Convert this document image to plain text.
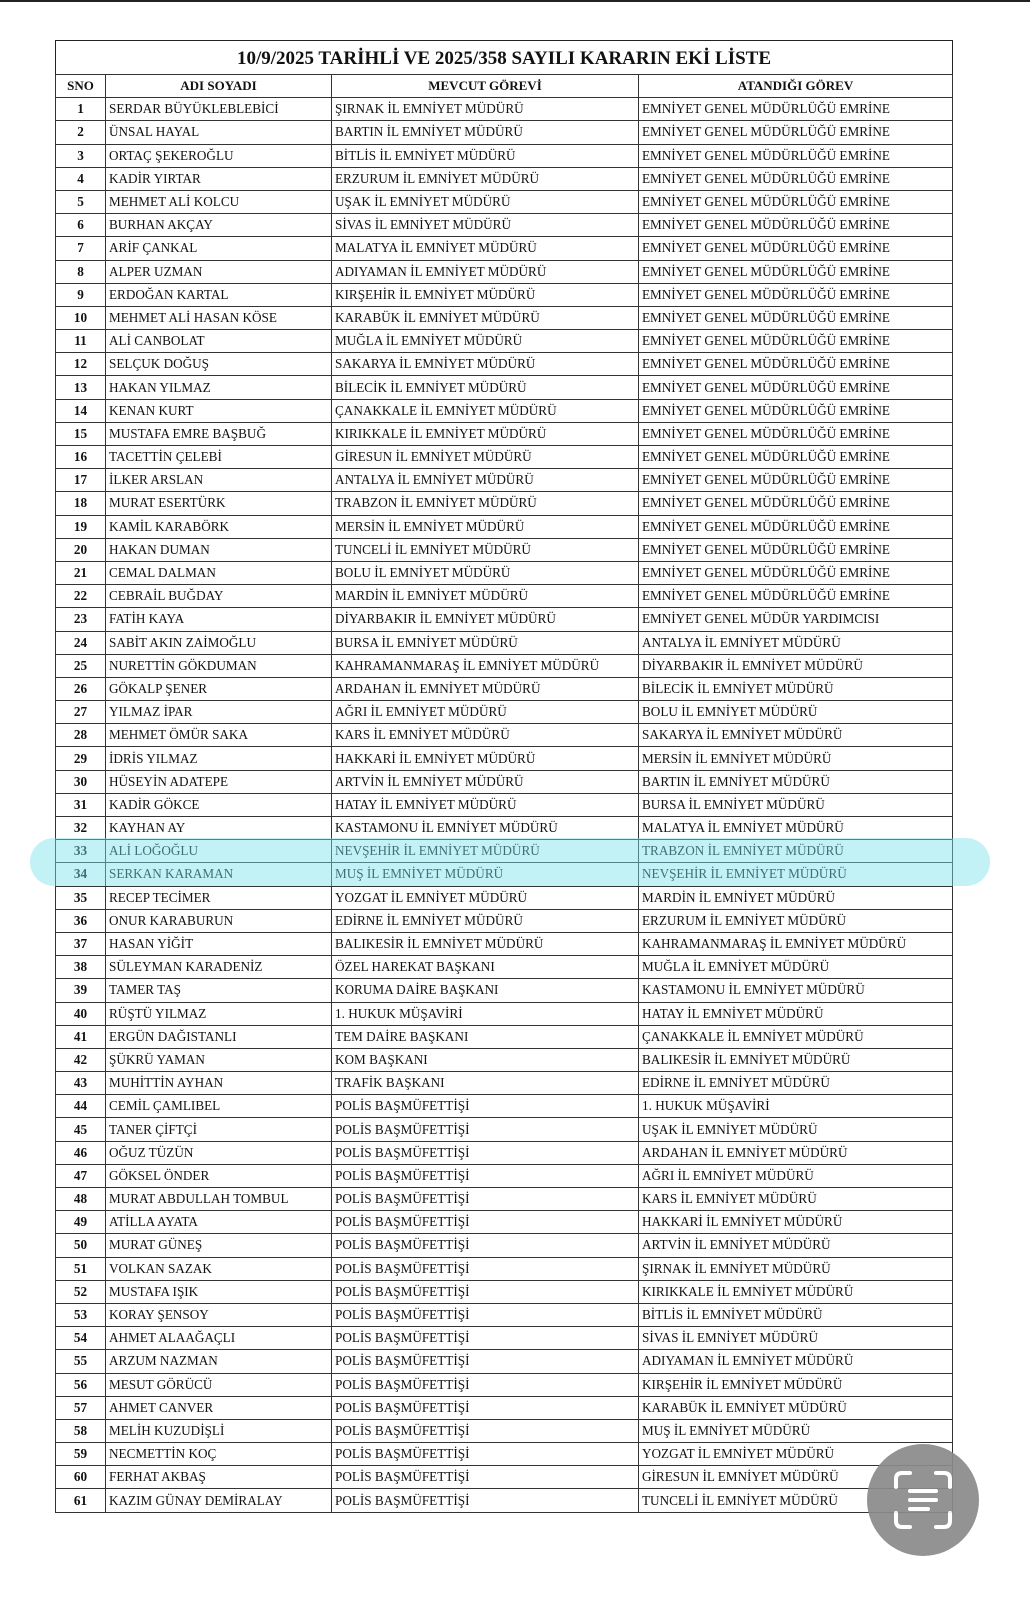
10/9/2025 TARİHLİ VE 2025/358 SAYILI KARARIN EKİ LİSTE
SNO	ADI SOYADI	MEVCUT GÖREVİ	ATANDIĞI GÖREV
1	SERDAR BÜYÜKLEBLEBİCİ	ŞIRNAK İL EMNİYET MÜDÜRÜ	EMNİYET GENEL MÜDÜRLÜĞÜ EMRİNE
2	ÜNSAL HAYAL	BARTIN İL EMNİYET MÜDÜRÜ	EMNİYET GENEL MÜDÜRLÜĞÜ EMRİNE
3	ORTAÇ ŞEKEROĞLU	BİTLİS İL EMNİYET MÜDÜRÜ	EMNİYET GENEL MÜDÜRLÜĞÜ EMRİNE
4	KADİR YIRTAR	ERZURUM İL EMNİYET MÜDÜRÜ	EMNİYET GENEL MÜDÜRLÜĞÜ EMRİNE
5	MEHMET ALİ KOLCU	UŞAK İL EMNİYET MÜDÜRÜ	EMNİYET GENEL MÜDÜRLÜĞÜ EMRİNE
6	BURHAN AKÇAY	SİVAS İL EMNİYET MÜDÜRÜ	EMNİYET GENEL MÜDÜRLÜĞÜ EMRİNE
7	ARİF ÇANKAL	MALATYA İL EMNİYET MÜDÜRÜ	EMNİYET GENEL MÜDÜRLÜĞÜ EMRİNE
8	ALPER UZMAN	ADIYAMAN İL EMNİYET MÜDÜRÜ	EMNİYET GENEL MÜDÜRLÜĞÜ EMRİNE
9	ERDOĞAN KARTAL	KIRŞEHİR İL EMNİYET MÜDÜRÜ	EMNİYET GENEL MÜDÜRLÜĞÜ EMRİNE
10	MEHMET ALİ HASAN KÖSE	KARABÜK İL EMNİYET MÜDÜRÜ	EMNİYET GENEL MÜDÜRLÜĞÜ EMRİNE
11	ALİ CANBOLAT	MUĞLA İL EMNİYET MÜDÜRÜ	EMNİYET GENEL MÜDÜRLÜĞÜ EMRİNE
12	SELÇUK DOĞUŞ	SAKARYA İL EMNİYET MÜDÜRÜ	EMNİYET GENEL MÜDÜRLÜĞÜ EMRİNE
13	HAKAN YILMAZ	BİLECİK İL EMNİYET MÜDÜRÜ	EMNİYET GENEL MÜDÜRLÜĞÜ EMRİNE
14	KENAN KURT	ÇANAKKALE İL EMNİYET MÜDÜRÜ	EMNİYET GENEL MÜDÜRLÜĞÜ EMRİNE
15	MUSTAFA EMRE BAŞBUĞ	KIRIKKALE İL EMNİYET MÜDÜRÜ	EMNİYET GENEL MÜDÜRLÜĞÜ EMRİNE
16	TACETTİN ÇELEBİ	GİRESUN İL EMNİYET MÜDÜRÜ	EMNİYET GENEL MÜDÜRLÜĞÜ EMRİNE
17	İLKER ARSLAN	ANTALYA İL EMNİYET MÜDÜRÜ	EMNİYET GENEL MÜDÜRLÜĞÜ EMRİNE
18	MURAT ESERTÜRK	TRABZON İL EMNİYET MÜDÜRÜ	EMNİYET GENEL MÜDÜRLÜĞÜ EMRİNE
19	KAMİL KARABÖRK	MERSİN İL EMNİYET MÜDÜRÜ	EMNİYET GENEL MÜDÜRLÜĞÜ EMRİNE
20	HAKAN DUMAN	TUNCELİ İL EMNİYET MÜDÜRÜ	EMNİYET GENEL MÜDÜRLÜĞÜ EMRİNE
21	CEMAL DALMAN	BOLU İL EMNİYET MÜDÜRÜ	EMNİYET GENEL MÜDÜRLÜĞÜ EMRİNE
22	CEBRAİL BUĞDAY	MARDİN İL EMNİYET MÜDÜRÜ	EMNİYET GENEL MÜDÜRLÜĞÜ EMRİNE
23	FATİH KAYA	DİYARBAKIR İL EMNİYET MÜDÜRÜ	EMNİYET GENEL MÜDÜR YARDIMCISI
24	SABİT AKIN ZAİMOĞLU	BURSA İL EMNİYET MÜDÜRÜ	ANTALYA İL EMNİYET MÜDÜRÜ
25	NURETTİN GÖKDUMAN	KAHRAMANMARAŞ İL EMNİYET MÜDÜRÜ	DİYARBAKIR İL EMNİYET MÜDÜRÜ
26	GÖKALP ŞENER	ARDAHAN İL EMNİYET MÜDÜRÜ	BİLECİK İL EMNİYET MÜDÜRÜ
27	YILMAZ İPAR	AĞRI İL EMNİYET MÜDÜRÜ	BOLU İL EMNİYET MÜDÜRÜ
28	MEHMET ÖMÜR SAKA	KARS İL EMNİYET MÜDÜRÜ	SAKARYA İL EMNİYET MÜDÜRÜ
29	İDRİS YILMAZ	HAKKARİ İL EMNİYET MÜDÜRÜ	MERSİN İL EMNİYET MÜDÜRÜ
30	HÜSEYİN ADATEPE	ARTVİN İL EMNİYET MÜDÜRÜ	BARTIN İL EMNİYET MÜDÜRÜ
31	KADİR GÖKCE	HATAY İL EMNİYET MÜDÜRÜ	BURSA İL EMNİYET MÜDÜRÜ
32	KAYHAN AY	KASTAMONU İL EMNİYET MÜDÜRÜ	MALATYA İL EMNİYET MÜDÜRÜ
33	ALİ LOĞOĞLU	NEVŞEHİR İL EMNİYET MÜDÜRÜ	TRABZON İL EMNİYET MÜDÜRÜ
34	SERKAN KARAMAN	MUŞ İL EMNİYET MÜDÜRÜ	NEVŞEHİR İL EMNİYET MÜDÜRÜ
35	RECEP TECİMER	YOZGAT İL EMNİYET MÜDÜRÜ	MARDİN İL EMNİYET MÜDÜRÜ
36	ONUR KARABURUN	EDİRNE İL EMNİYET MÜDÜRÜ	ERZURUM İL EMNİYET MÜDÜRÜ
37	HASAN YİĞİT	BALIKESİR İL EMNİYET MÜDÜRÜ	KAHRAMANMARAŞ İL EMNİYET MÜDÜRÜ
38	SÜLEYMAN KARADENİZ	ÖZEL HAREKAT BAŞKANI	MUĞLA İL EMNİYET MÜDÜRÜ
39	TAMER TAŞ	KORUMA DAİRE BAŞKANI	KASTAMONU İL EMNİYET MÜDÜRÜ
40	RÜŞTÜ YILMAZ	1. HUKUK MÜŞAVİRİ	HATAY İL EMNİYET MÜDÜRÜ
41	ERGÜN DAĞISTANLI	TEM DAİRE BAŞKANI	ÇANAKKALE İL EMNİYET MÜDÜRÜ
42	ŞÜKRÜ YAMAN	KOM BAŞKANI	BALIKESİR İL EMNİYET MÜDÜRÜ
43	MUHİTTİN AYHAN	TRAFİK BAŞKANI	EDİRNE İL EMNİYET MÜDÜRÜ
44	CEMİL ÇAMLIBEL	POLİS BAŞMÜFETTİŞİ	1. HUKUK MÜŞAVİRİ
45	TANER ÇİFTÇİ	POLİS BAŞMÜFETTİŞİ	UŞAK İL EMNİYET MÜDÜRÜ
46	OĞUZ TÜZÜN	POLİS BAŞMÜFETTİŞİ	ARDAHAN İL EMNİYET MÜDÜRÜ
47	GÖKSEL ÖNDER	POLİS BAŞMÜFETTİŞİ	AĞRI İL EMNİYET MÜDÜRÜ
48	MURAT ABDULLAH TOMBUL	POLİS BAŞMÜFETTİŞİ	KARS İL EMNİYET MÜDÜRÜ
49	ATİLLA AYATA	POLİS BAŞMÜFETTİŞİ	HAKKARİ İL EMNİYET MÜDÜRÜ
50	MURAT GÜNEŞ	POLİS BAŞMÜFETTİŞİ	ARTVİN İL EMNİYET MÜDÜRÜ
51	VOLKAN SAZAK	POLİS BAŞMÜFETTİŞİ	ŞIRNAK İL EMNİYET MÜDÜRÜ
52	MUSTAFA IŞIK	POLİS BAŞMÜFETTİŞİ	KIRIKKALE İL EMNİYET MÜDÜRÜ
53	KORAY ŞENSOY	POLİS BAŞMÜFETTİŞİ	BİTLİS İL EMNİYET MÜDÜRÜ
54	AHMET ALAAĞAÇLI	POLİS BAŞMÜFETTİŞİ	SİVAS İL EMNİYET MÜDÜRÜ
55	ARZUM NAZMAN	POLİS BAŞMÜFETTİŞİ	ADIYAMAN İL EMNİYET MÜDÜRÜ
56	MESUT GÖRÜCÜ	POLİS BAŞMÜFETTİŞİ	KIRŞEHİR İL EMNİYET MÜDÜRÜ
57	AHMET CANVER	POLİS BAŞMÜFETTİŞİ	KARABÜK İL EMNİYET MÜDÜRÜ
58	MELİH KUZUDİŞLİ	POLİS BAŞMÜFETTİŞİ	MUŞ İL EMNİYET MÜDÜRÜ
59	NECMETTİN KOÇ	POLİS BAŞMÜFETTİŞİ	YOZGAT İL EMNİYET MÜDÜRÜ
60	FERHAT AKBAŞ	POLİS BAŞMÜFETTİŞİ	GİRESUN İL EMNİYET MÜDÜRÜ
61	KAZIM GÜNAY DEMİRALAY	POLİS BAŞMÜFETTİŞİ	TUNCELİ İL EMNİYET MÜDÜRÜ
